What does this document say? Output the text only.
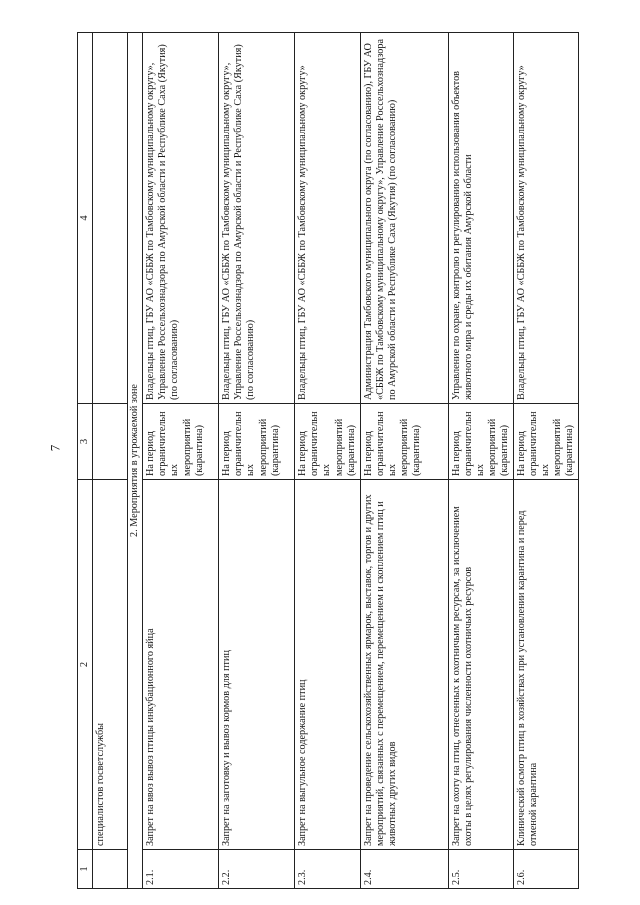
7
1	2	3	4
	специалистов госветслужбы		
2. Мероприятия в угрожаемой зоне			
2.1.	Запрет на ввоз вывоз птицы инкубационного яйца	На период ограничительных мероприятий (карантина)	Владельцы птиц, ГБУ АО «СББЖ по Тамбовскому муниципальному округу», Управление Россельхознадзора по Амурской области и Республике Саха (Якутия) (по согласованию)
2.2.	Запрет на заготовку и вывоз кормов для птиц	На период ограничительных мероприятий (карантина)	Владельцы птиц, ГБУ АО «СББЖ по Тамбовскому муниципальному округу», Управление Россельхознадзора по Амурской области и Республике Саха (Якутия) (по согласованию)
2.3.	Запрет на выгульное содержание птиц	На период ограничительных мероприятий (карантина)	Владельцы птиц, ГБУ АО «СББЖ по Тамбовскому муниципальному округу»
2.4.	Запрет на проведение сельскохозяйственных ярмарок, выставок, торгов и других мероприятий, связанных с перемещением, перемещением и скоплением птиц и животных других видов	На период ограничительных мероприятий (карантина)	Администрация Тамбовского муниципального округа (по согласованию), ГБУ АО «СББЖ по Тамбовскому муниципальному округу», Управление Россельхознадзора по Амурской области и Республике Саха (Якутия) (по согласованию)
2.5.	Запрет на охоту на птиц, отнесенных к охотничьим ресурсам, за исключением охоты в целях регулирования численности охотничьих ресурсов	На период ограничительных мероприятий (карантина)	Управление по охране, контролю и регулированию использования объектов животного мира и среды их обитания Амурской области
2.6.	Клинический осмотр птиц в хозяйствах при установлении карантина и перед отменой карантина	На период ограничительных мероприятий (карантина)	Владельцы птиц, ГБУ АО «СББЖ по Тамбовскому муниципальному округу»
